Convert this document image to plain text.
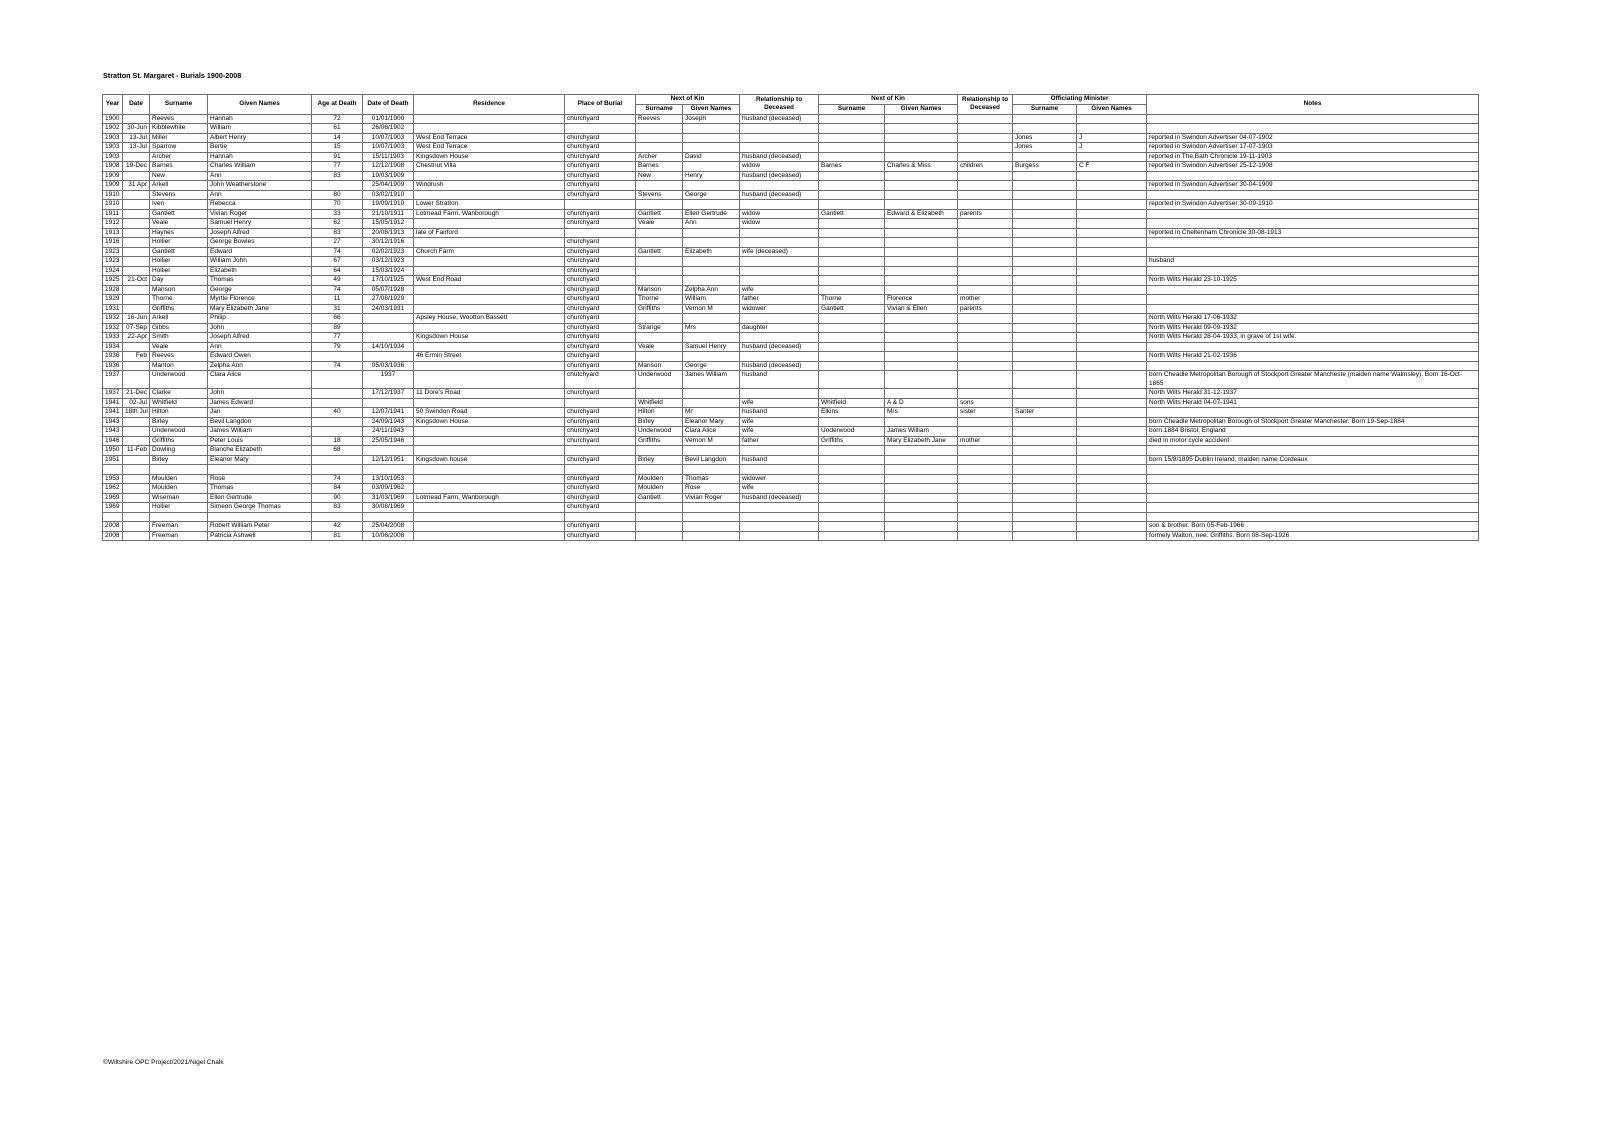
Stratton St. Margaret - Burials 1900-2008
Year	Date	Surname	Given Names	Age at Death	Date of Death	Residence	Place of Burial	Next of Kin		Relationship to Deceased	Next of Kin		Relationship to Deceased	Officiating Minister		Notes
								Surname	Given Names		Surname	Given Names		Surname	Given Names	
1900		Reeves	Hannah	72	01/01/1900		churchyard	Reeves	Joseph	husband (deceased)						
1902	30-Jun	Kibblewhite	William	61	26/06/1902											
1903	13-Jul	Miller	Albert Henry	14	10/07/1903	West End Terrace	churchyard							Jones	J	reported in Swindon Advertiser 04-07-1902
1903	13-Jul	Sparrow	Bertie	15	10/07/1903	West End Terrace	churchyard							Jones	J	reported in Swindon Advertiser 17-07-1903
1903		Archer	Hannah	91	15/11/1903	Kingsdown House	churchyard	Archer	David	husband (deceased)						reported in The Bath Chronicle 19-11-1903
1908	19-Dec	Barnes	Charles William	77	12/12/1908	Chestnut Villa	churchyard	Barnes		widow	Barnes	Charles & Miss	children	Burgess	C F	reported in Swindon Advertiser 25-12-1908
1909		New	Ann	83	19/03/1909		churchyard	New	Henry	husband (deceased)						
1909	31 Apr	Arkell	John Weatherstone		25/04/1909	Windrush	churchyard									reported in Swindon Advertiser 30-04-1909
1910		Stevens	Ann	80	03/02/1910		churchyard	Stevens	George	husband (deceased)						
1910		Iven	Rebecca	70	19/09/1910	Lower Stratton										reported in Swindon Advertiser 30-09-1910
1911		Gantlett	Vivian Roger	33	21/10/1911	Lotmead Farm, Wanborough	churchyard	Gantlett	Ellen Gertrude	widow	Gantlett	Edward & Elizabeth	parents			
1912		Veale	Samuel Henry	62	15/05/1912		churchyard	Veale	Ann	widow						
1913		Haynes	Joseph Alfred	83	20/08/1913	late of Fairford										reported in Cheltenham Chronicle 30-08-1913
1916		Hollier	George Bowles	27	30/12/1916		churchyard									
1923		Gantlett	Edward	74	02/02/1923	Church Farm	churchyard	Gantlett	Elizabeth	wife (deceased)						
1923		Hollier	William John	67	03/12/1923		churchyard									husband
1924		Hollier	Elizabeth	64	15/03/1924		churchyard									
1925	21-Oct	Day	Thomas	49	17/10/1925	West End Road	churchyard									North Wilts Herald 23-10-1925
1928		Manson	George	74	05/07/1928		churchyard	Manson	Zelpha Ann	wife						
1929		Thorne	Myrtle Florence	11	27/08/1929		churchyard	Thorne	William	father	Thorne	Florence	mother			
1931		Griffiths	Mary Elizabeth Jane	31	24/03/1931		churchyard	Griffiths	Vernon M	widower	Gantlett	Vivian & Ellen	parents			
1932	16-Jun	Arkell	Philip	66		Apsley House, Wootton Bassett	churchyard									North Wilts Herald 17-06-1932
1932	07-Sep	Gibbs	John	89			churchyard	Strange	Mrs	daughter						North Wilts Herald 09-09-1932
1933	22-Apr	Smith	Joseph Alfred	77		Kingsdown House	churchyard									North Wilts Herald 28-04-1933, in grave of 1st wife.
1934		Veale	Ann	79	14/10/1934		churchyard	Veale	Samuel Henry	husband (deceased)						
1936	Feb	Reeves	Edward Owen			46 Ermin Street	churchyard									North Wilts Herald 21-02-1936
1936		Manton	Zelpha Ann	74	05/03/1936		churchyard	Manson	George	husband (deceased)						
1937		Underwood	Clara Alice		1937		chutchyard	Underwood	James William	husband						born Cheadle Metropolitan Borough of Stockport Greater Mancheste (maiden name Walmsley). Born 16-Oct-1865
1937	21-Dec	Clarke	John		17/12/1937	11 Dore's Road	churchyard									North Wilts Herald 31-12-1937
1941	02-Jul	Whitfield	James Edward					Whitfield		wife	Whitfield	A & D	sons			North Wilts Herald 04-07-1941
1941	18th Jul	Hilton	Jan	40	12/07/1941	50 Swindon Road	churchyard	Hilton	Mr	husband	Elkins	Mrs	sister	Santer		
1943		Birley	Bevil Langdon		24/09/1943	Kingsdown House	churchyard	Birley	Eleanor Mary	wife						born Cheadle Metropolitan Borough of Stockport Greater Manchester. Born 19-Sep-1884
1943		Underwood	James William		24/11/1943		churchyard	Underwood	Clara Alice	wife	Underwood	James William				born 1884 Bristol, England
1946		Griffiths	Peter Louis	18	25/05/1946		churchyard	Griffiths	Vernon M	father	Griffiths	Mary Elizabeth Jane	mother			died in motor cycle accident
1950	11-Feb	Dowling	Blanche Elizabeth	68												
1951		Birley	Eleanor Mary		12/12/1951	Kingsdown house	churchyard	Birley	Bevil Langdon	husband						born 15/8/1895 Dublin Ireland, maiden name Cordeaux

1953		Moulden	Rose	74	13/10/1953		churchyard	Moulden	Thomas	widower						
1962		Moulden	Thomas	84	03/09/1962		churchyard	Moulden	Rose	wife						
1969		Wiseman	Ellen Gertrude	90	31/03/1969	Lotmead Farm, Wanborough	churchyard	Gantlett	Vivian Roger	husband (deceased)						
1969		Hollier	Simeon George Thomas	83	30/08/1969		churchyard									

2008		Freeman	Robert William Peter	42	25/04/2008		churchyard									son & brother. Born 05-Feb-1966
2008		Freeman	Patricia Ashwell	81	10/06/2008		churchyard									formely Walton, nee. Griffiths. Born 08-Sep-1926
©Wiltshire OPC Project/2021/Nigel Chalk
